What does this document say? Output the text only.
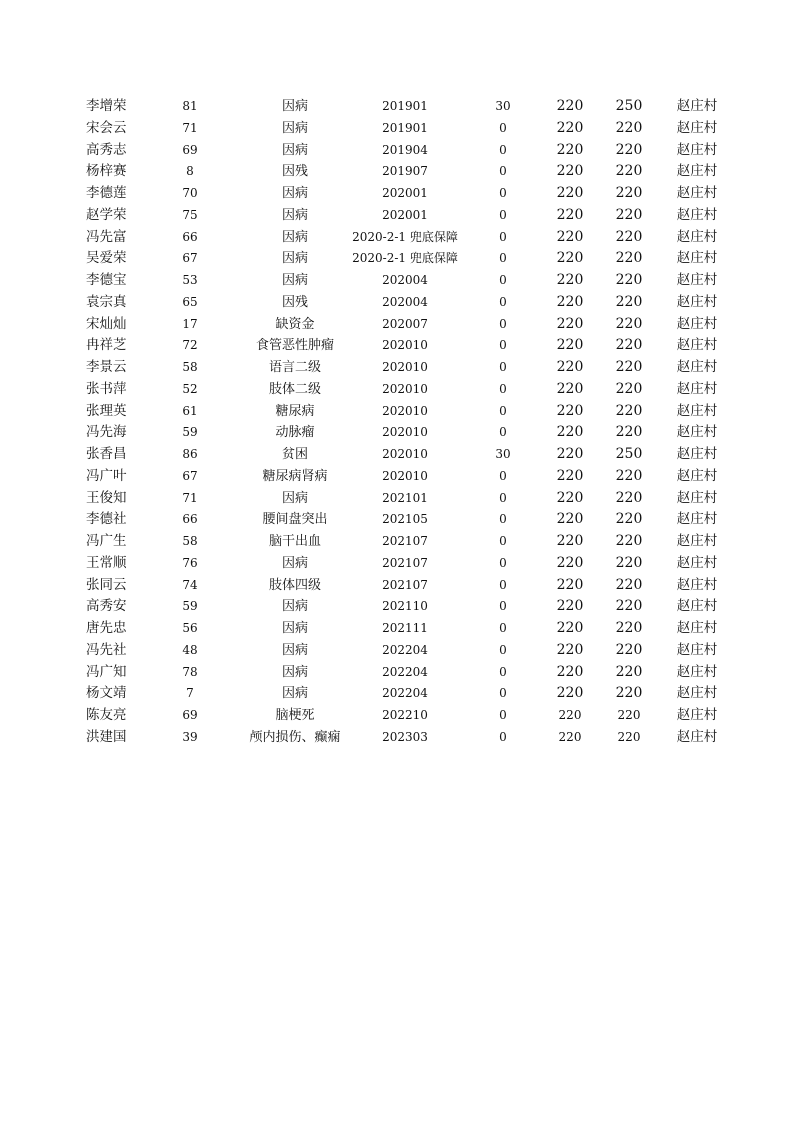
李增荣	81	因病	201901	30	220	250	赵庄村
宋会云	71	因病	201901	0	220	220	赵庄村
高秀志	69	因病	201904	0	220	220	赵庄村
杨梓赛	8	因残	201907	0	220	220	赵庄村
李德莲	70	因病	202001	0	220	220	赵庄村
赵学荣	75	因病	202001	0	220	220	赵庄村
冯先富	66	因病	2020-2-1 兜底保障	0	220	220	赵庄村
吴爱荣	67	因病	2020-2-1 兜底保障	0	220	220	赵庄村
李德宝	53	因病	202004	0	220	220	赵庄村
袁宗真	65	因残	202004	0	220	220	赵庄村
宋灿灿	17	缺资金	202007	0	220	220	赵庄村
冉祥芝	72	食管恶性肿瘤	202010	0	220	220	赵庄村
李景云	58	语言二级	202010	0	220	220	赵庄村
张书萍	52	肢体二级	202010	0	220	220	赵庄村
张理英	61	糖尿病	202010	0	220	220	赵庄村
冯先海	59	动脉瘤	202010	0	220	220	赵庄村
张香昌	86	贫困	202010	30	220	250	赵庄村
冯广叶	67	糖尿病肾病	202010	0	220	220	赵庄村
王俊知	71	因病	202101	0	220	220	赵庄村
李德社	66	腰间盘突出	202105	0	220	220	赵庄村
冯广生	58	脑干出血	202107	0	220	220	赵庄村
王常顺	76	因病	202107	0	220	220	赵庄村
张同云	74	肢体四级	202107	0	220	220	赵庄村
高秀安	59	因病	202110	0	220	220	赵庄村
唐先忠	56	因病	202111	0	220	220	赵庄村
冯先社	48	因病	202204	0	220	220	赵庄村
冯广知	78	因病	202204	0	220	220	赵庄村
杨文靖	7	因病	202204	0	220	220	赵庄村
陈友亮	69	脑梗死	202210	0	220	220	赵庄村
洪建国	39	颅内损伤、癫痫	202303	0	220	220	赵庄村
